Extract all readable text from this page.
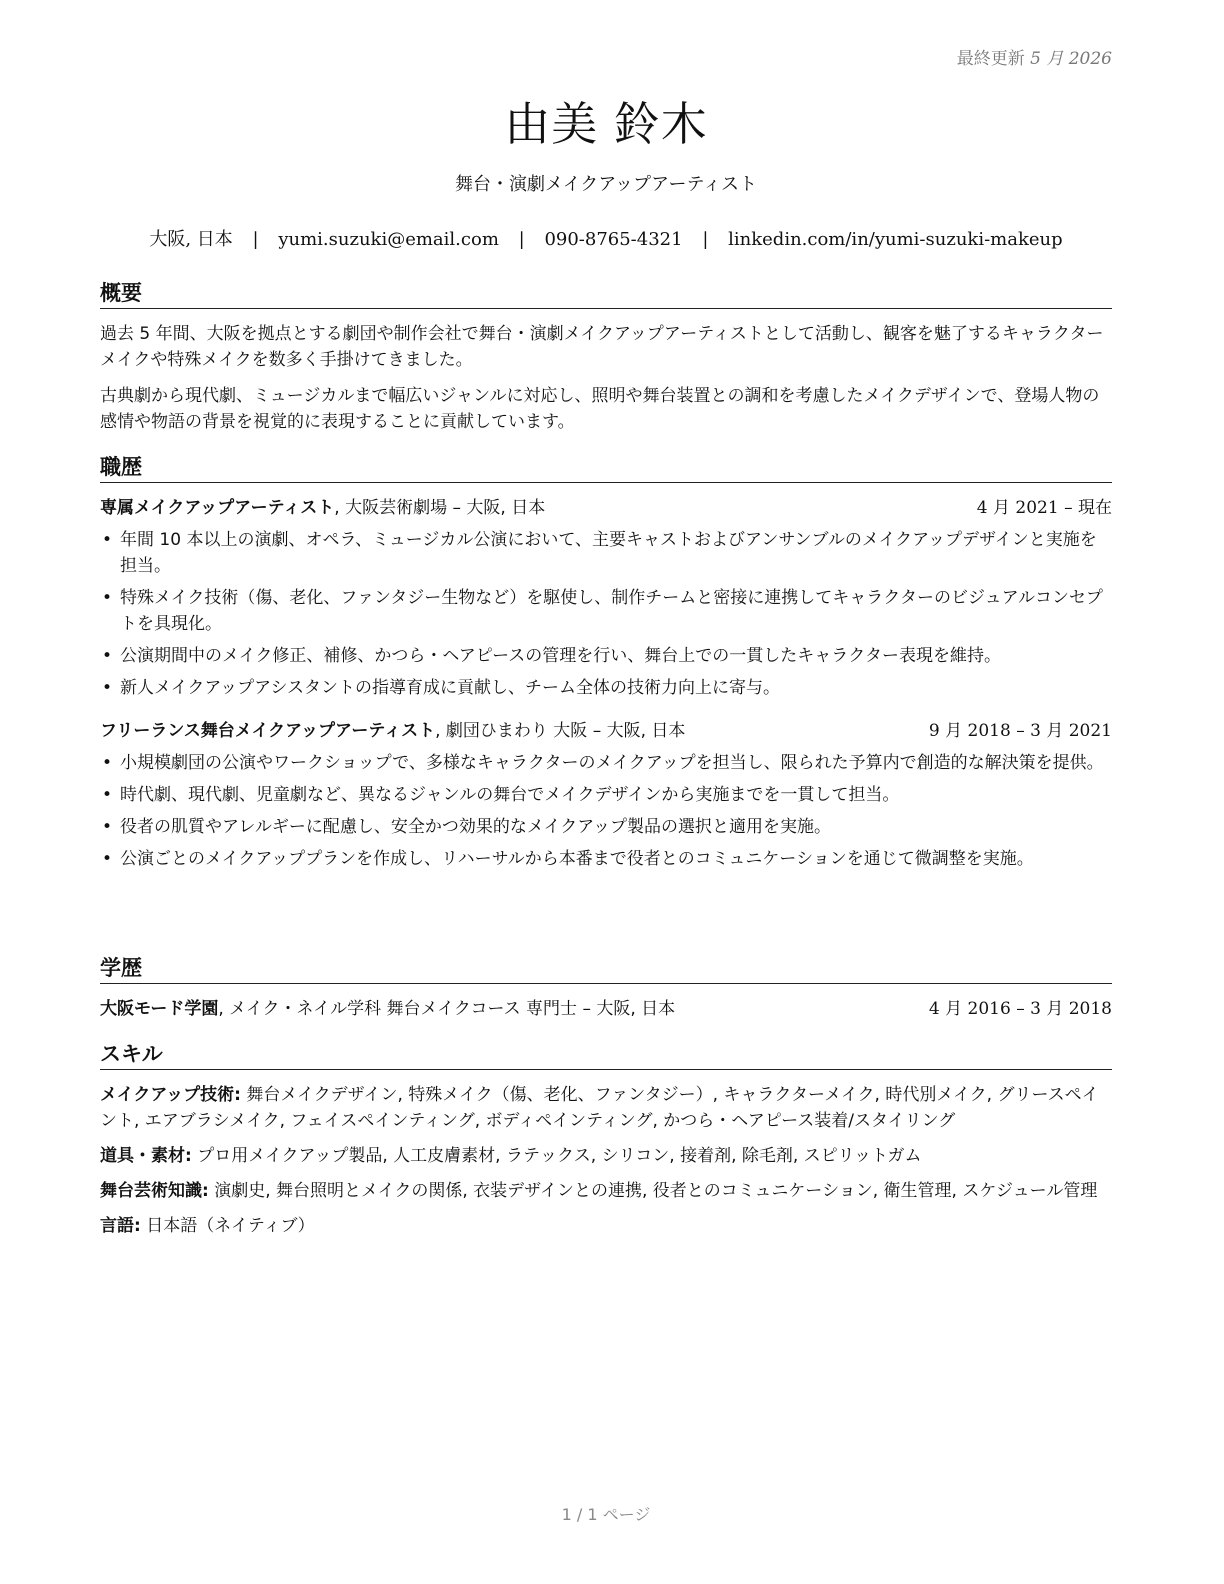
最終更新 5 月 2026
由美 鈴木
舞台・演劇メイクアップアーティスト
大阪, 日本 | yumi.suzuki@email.com | 090-8765-4321 | linkedin.com/in/yumi-suzuki-makeup
概要

過去 5 年間、大阪を拠点とする劇団や制作会社で舞台・演劇メイクアップアーティストとして活動し、観客を魅了するキャラクターメイクや特殊メイクを数多く手掛けてきました。

古典劇から現代劇、ミュージカルまで幅広いジャンルに対応し、照明や舞台装置との調和を考慮したメイクデザインで、登場人物の感情や物語の背景を視覚的に表現することに貢献しています。

職歴
専属メイクアップアーティスト, 大阪芸術劇場 – 大阪, 日本	4 月 2021 – 現在
• 年間 10 本以上の演劇、オペラ、ミュージカル公演において、主要キャストおよびアンサンブルのメイクアップデザインと実施を担当。
• 特殊メイク技術（傷、老化、ファンタジー生物など）を駆使し、制作チームと密接に連携してキャラクターのビジュアルコンセプトを具現化。
• 公演期間中のメイク修正、補修、かつら・ヘアピースの管理を行い、舞台上での一貫したキャラクター表現を維持。
• 新人メイクアップアシスタントの指導育成に貢献し、チーム全体の技術力向上に寄与。
フリーランス舞台メイクアップアーティスト, 劇団ひまわり 大阪 – 大阪, 日本	9 月 2018 – 3 月 2021
• 小規模劇団の公演やワークショップで、多様なキャラクターのメイクアップを担当し、限られた予算内で創造的な解決策を提供。
• 時代劇、現代劇、児童劇など、異なるジャンルの舞台でメイクデザインから実施までを一貫して担当。
• 役者の肌質やアレルギーに配慮し、安全かつ効果的なメイクアップ製品の選択と適用を実施。
• 公演ごとのメイクアッププランを作成し、リハーサルから本番まで役者とのコミュニケーションを通じて微調整を実施。
学歴
大阪モード学園, メイク・ネイル学科 舞台メイクコース 専門士 – 大阪, 日本	4 月 2016 – 3 月 2018
スキル

メイクアップ技術: 舞台メイクデザイン, 特殊メイク（傷、老化、ファンタジー）, キャラクターメイク, 時代別メイク, グリースペイント, エアブラシメイク, フェイスペインティング, ボディペインティング, かつら・ヘアピース装着/スタイリング

道具・素材: プロ用メイクアップ製品, 人工皮膚素材, ラテックス, シリコン, 接着剤, 除毛剤, スピリットガム

舞台芸術知識: 演劇史, 舞台照明とメイクの関係, 衣装デザインとの連携, 役者とのコミュニケーション, 衛生管理, スケジュール管理

言語: 日本語（ネイティブ）

1 / 1 ページ
